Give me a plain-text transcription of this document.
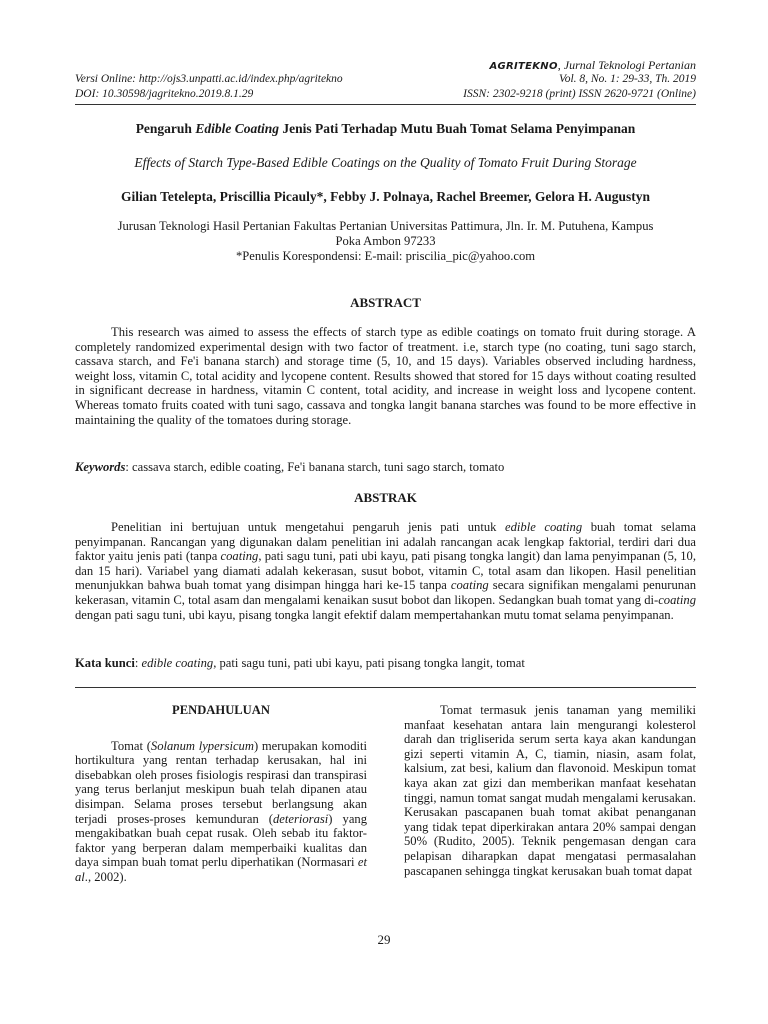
AGRITEKNO, Jurnal Teknologi Pertanian
Versi Online: http://ojs3.unpatti.ac.id/index.php/agritekno	Vol. 8, No. 1: 29-33, Th. 2019
DOI: 10.30598/jagritekno.2019.8.1.29	ISSN: 2302-9218 (print) ISSN 2620-9721 (Online)
Pengaruh Edible Coating Jenis Pati Terhadap Mutu Buah Tomat Selama Penyimpanan
Effects of Starch Type-Based Edible Coatings on the Quality of Tomato Fruit During Storage
Gilian Tetelepta, Priscillia Picauly*, Febby J. Polnaya, Rachel Breemer, Gelora H. Augustyn
Jurusan Teknologi Hasil Pertanian Fakultas Pertanian Universitas Pattimura, Jln. Ir. M. Putuhena, Kampus
Poka Ambon 97233
*Penulis Korespondensi: E-mail: priscilia_pic@yahoo.com
ABSTRACT
This research was aimed to assess the effects of starch type as edible coatings on tomato fruit during storage. A completely randomized experimental design with two factor of treatment. i.e, starch type (no coating, tuni sago starch, cassava starch, and Fe'i banana starch) and storage time (5, 10, and 15 days). Variables observed including hardness, weight loss, vitamin C, total acidity and lycopene content. Results showed that stored for 15 days without coating resulted in significant decrease in hardness, vitamin C content, total acidity, and increase in weight loss and lycopene content. Whereas tomato fruits coated with tuni sago, cassava and tongka langit banana starches was found to be more effective in maintaining the quality of the tomatoes during storage.
Keywords: cassava starch, edible coating, Fe'i banana starch, tuni sago starch, tomato
ABSTRAK
Penelitian ini bertujuan untuk mengetahui pengaruh jenis pati untuk edible coating buah tomat selama penyimpanan. Rancangan yang digunakan dalam penelitian ini adalah rancangan acak lengkap faktorial, terdiri dari dua faktor yaitu jenis pati (tanpa coating, pati sagu tuni, pati ubi kayu, pati pisang tongka langit) dan lama penyimpanan (5, 10, dan 15 hari). Variabel yang diamati adalah kekerasan, susut bobot, vitamin C, total asam dan likopen. Hasil penelitian menunjukkan bahwa buah tomat yang disimpan hingga hari ke-15 tanpa coating secara signifikan mengalami penurunan kekerasan, vitamin C, total asam dan mengalami kenaikan susut bobot dan likopen. Sedangkan buah tomat yang di-coating dengan pati sagu tuni, ubi kayu, pisang tongka langit efektif dalam mempertahankan mutu tomat selama penyimpanan.
Kata kunci: edible coating, pati sagu tuni, pati ubi kayu, pati pisang tongka langit, tomat
PENDAHULUAN
Tomat (Solanum lypersicum) merupakan komoditi hortikultura yang rentan terhadap kerusakan, hal ini disebabkan oleh proses fisiologis respirasi dan transpirasi yang terus berlanjut meskipun buah telah dipanen atau disimpan. Selama proses tersebut berlangsung akan terjadi proses-proses kemunduran (deteriorasi) yang mengakibatkan buah cepat rusak. Oleh sebab itu faktor-faktor yang berperan dalam memperbaiki kualitas dan daya simpan buah tomat perlu diperhatikan (Normasari et al., 2002).
Tomat termasuk jenis tanaman yang memiliki manfaat kesehatan antara lain mengurangi kolesterol darah dan trigliserida serum serta kaya akan kandungan gizi seperti vitamin A, C, tiamin, niasin, asam folat, kalsium, zat besi, kalium dan flavonoid. Meskipun tomat kaya akan zat gizi dan memberikan manfaat kesehatan tinggi, namun tomat sangat mudah mengalami kerusakan. Kerusakan pascapanen buah tomat akibat penanganan yang tidak tepat diperkirakan antara 20% sampai dengan 50% (Rudito, 2005). Teknik pengemasan dengan cara pelapisan diharapkan dapat mengatasi permasalahan pascapanen sehingga tingkat kerusakan buah tomat dapat
29
